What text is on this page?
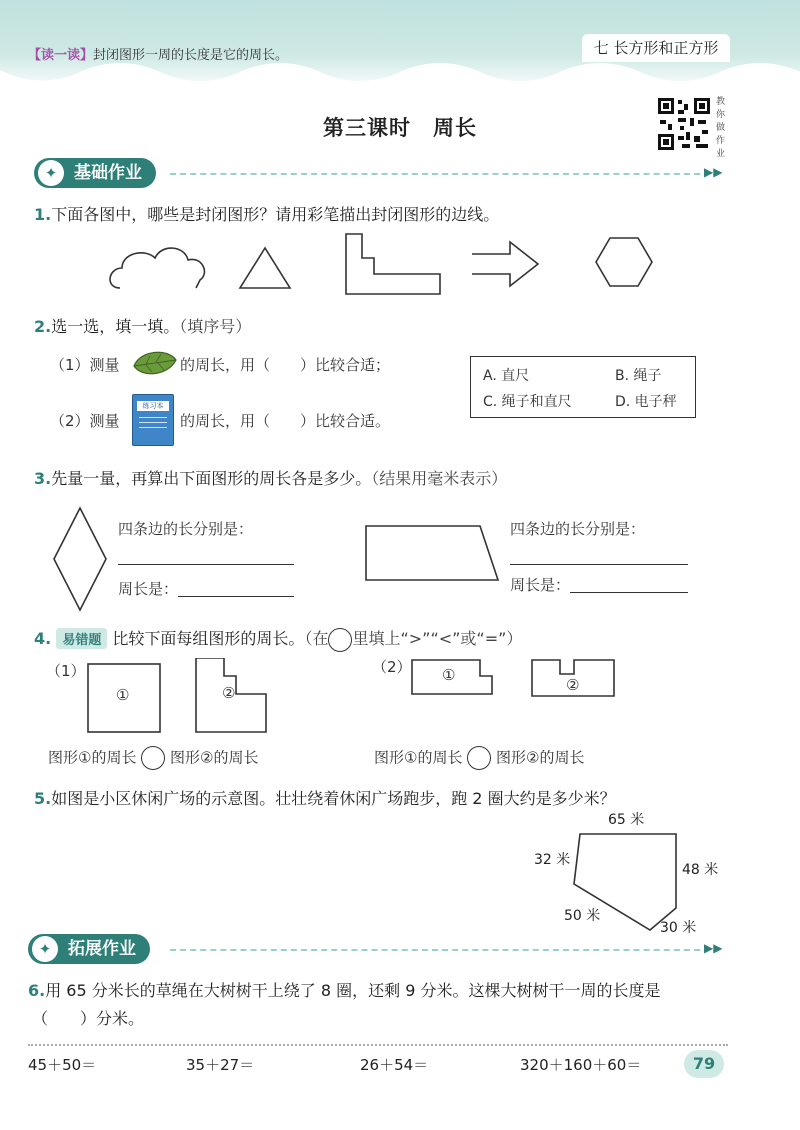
【读一读】封闭图形一周的长度是它的周长。	七 长方形和正方形
第三课时　周长
教你做作业
✦ 基础作业	▶▶
1.下面各图中，哪些是封闭图形？请用彩笔描出封闭图形的边线。
2.选一选，填一填。（填序号）
（1）测量	的周长，用（　　）比较合适；
（2）测量
练习本
的周长，用（　　）比较合适。
A. 直尺	B. 绳子
C. 绳子和直尺	D. 电子秤
3.先量一量，再算出下面图形的周长各是多少。（结果用毫米表示）
四条边的长分别是：
周长是：
四条边的长分别是：
周长是：
4. 易错题 比较下面每组图形的周长。（在 里填上“>”“<”或“=”）
（1）
①	②
（2） ①
②
图形①的周长 图形②的周长	图形①的周长 图形②的周长
5.如图是小区休闲广场的示意图。壮壮绕着休闲广场跑步，跑 2 圈大约是多少米？
65 米
32 米
48 米
50 米
30 米
✦ 拓展作业	▶▶
6.用 65 分米长的草绳在大树树干上绕了 8 圈，还剩 9 分米。这棵大树树干一周的长度是
（　　）分米。
45＋50＝	35＋27＝	26＋54＝	320＋160＋60＝	79
